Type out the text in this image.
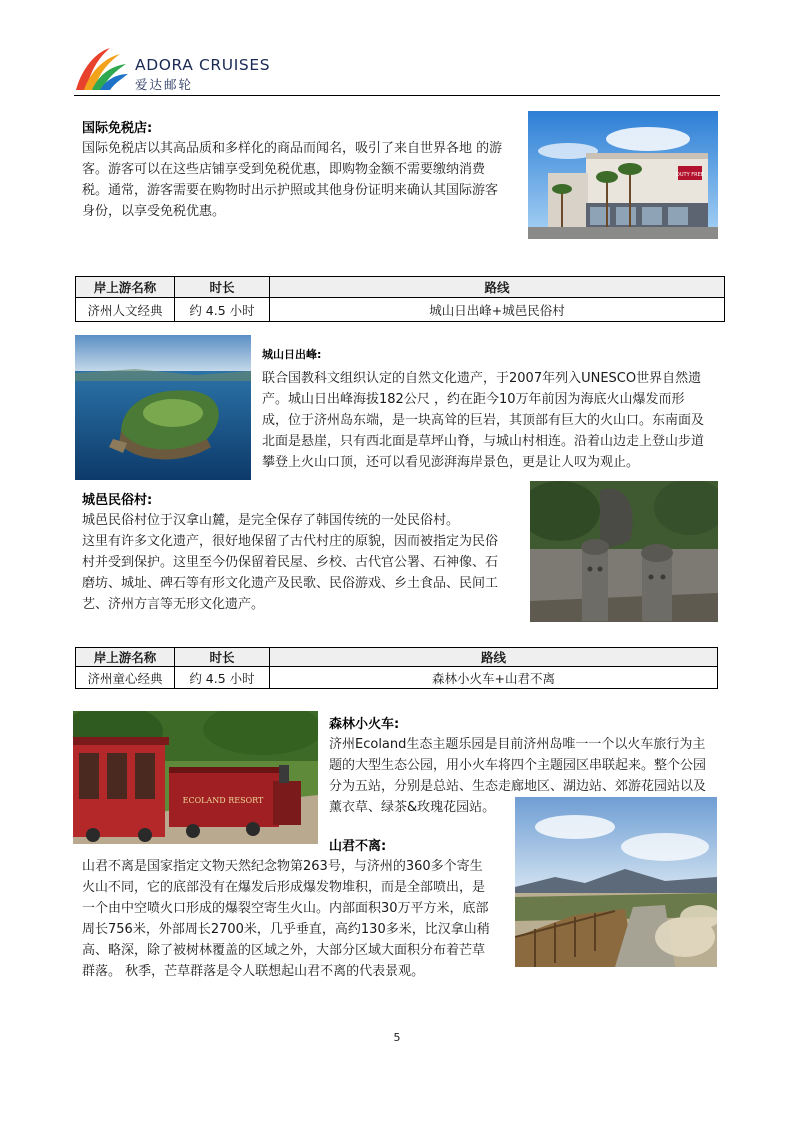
ADORA CRUISES
爱达邮轮
国际免税店:
国际免税店以其高品质和多样化的商品而闻名，吸引了来自世界各地 的游
客。游客可以在这些店铺享受到免税优惠，即购物金额不需要缴纳消费
税。通常，游客需要在购物时出示护照或其他身份证明来确认其国际游客
身份，以享受免税优惠。
DUTY FREE
岸上游名称	时长	路线
济州人文经典	约 4.5 小时	城山日出峰+城邑民俗村
城山日出峰:
联合国教科文组织认定的自然文化遗产，于2007年列入UNESCO世界自然遗
产。城山日出峰海拔182公尺 ，约在距今10万年前因为海底火山爆发而形
成，位于济州岛东端，是一块高耸的巨岩，其顶部有巨大的火山口。东南面及
北面是悬崖，只有西北面是草坪山脊，与城山村相连。沿着山边走上登山步道
攀登上火山口顶，还可以看见澎湃海岸景色，更是让人叹为观止。
城邑民俗村:
城邑民俗村位于汉拿山麓，是完全保存了韩国传统的一处民俗村。
这里有许多文化遗产，很好地保留了古代村庄的原貌，因而被指定为民俗
村并受到保护。这里至今仍保留着民屋、乡校、古代官公署、石神像、石
磨坊、城址、碑石等有形文化遗产及民歌、民俗游戏、乡土食品、民间工
艺、济州方言等无形文化遗产。
岸上游名称	时长	路线
济州童心经典	约 4.5 小时	森林小火车+山君不离
ECOLAND RESORT
森林小火车:
济州Ecoland生态主题乐园是目前济州岛唯一一个以火车旅行为主
题的大型生态公园，用小火车将四个主题园区串联起来。整个公园
分为五站，分别是总站、生态走廊地区、湖边站、郊游花园站以及
薰衣草、绿茶&玫瑰花园站。
山君不离:
山君不离是国家指定文物天然纪念物第263号，与济州的360多个寄生
火山不同，它的底部没有在爆发后形成爆发物堆积，而是全部喷出，是
一个由中空喷火口形成的爆裂空寄生火山。内部面积30万平方米，底部
周长756米，外部周长2700米，几乎垂直，高约130多米，比汉拿山稍
高、略深，除了被树林覆盖的区域之外，大部分区域大面积分布着芒草
群落。 秋季，芒草群落是令人联想起山君不离的代表景观。
5
